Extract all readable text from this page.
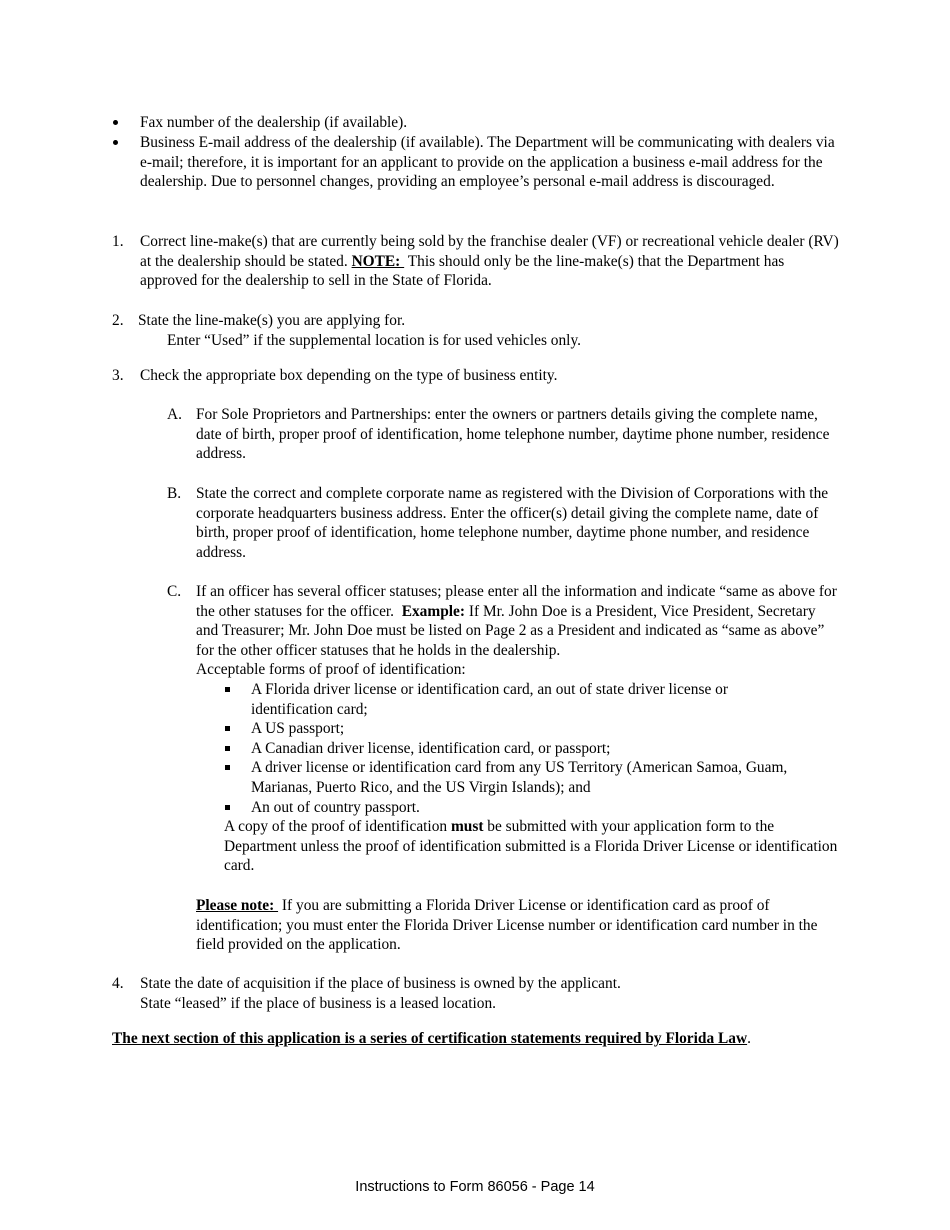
Fax number of the dealership (if available).
Business E-mail address of the dealership (if available). The Department will be communicating with dealers via e-mail; therefore, it is important for an applicant to provide on the application a business e-mail address for the dealership. Due to personnel changes, providing an employee’s personal e-mail address is discouraged.
1. Correct line-make(s) that are currently being sold by the franchise dealer (VF) or recreational vehicle dealer (RV) at the dealership should be stated. NOTE:  This should only be the line-make(s) that the Department has approved for the dealership to sell in the State of Florida.
2. State the line-make(s) you are applying for.
Enter “Used” if the supplemental location is for used vehicles only.
3. Check the appropriate box depending on the type of business entity.
A. For Sole Proprietors and Partnerships: enter the owners or partners details giving the complete name, date of birth, proper proof of identification, home telephone number, daytime phone number, residence address.
B. State the correct and complete corporate name as registered with the Division of Corporations with the corporate headquarters business address. Enter the officer(s) detail giving the complete name, date of birth, proper proof of identification, home telephone number, daytime phone number, and residence address.
C. If an officer has several officer statuses; please enter all the information and indicate “same as above for the other statuses for the officer.  Example: If Mr. John Doe is a President, Vice President, Secretary and Treasurer; Mr. John Doe must be listed on Page 2 as a President and indicated as “same as above” for the other officer statuses that he holds in the dealership.
Acceptable forms of proof of identification:
A Florida driver license or identification card, an out of state driver license or identification card;
A US passport;
A Canadian driver license, identification card, or passport;
A driver license or identification card from any US Territory (American Samoa, Guam, Marianas, Puerto Rico, and the US Virgin Islands); and
An out of country passport.
A copy of the proof of identification must be submitted with your application form to the Department unless the proof of identification submitted is a Florida Driver License or identification card.
Please note:  If you are submitting a Florida Driver License or identification card as proof of identification; you must enter the Florida Driver License number or identification card number in the field provided on the application.
4. State the date of acquisition if the place of business is owned by the applicant.
State “leased” if the place of business is a leased location.
The next section of this application is a series of certification statements required by Florida Law.
Instructions to Form 86056 - Page 14
